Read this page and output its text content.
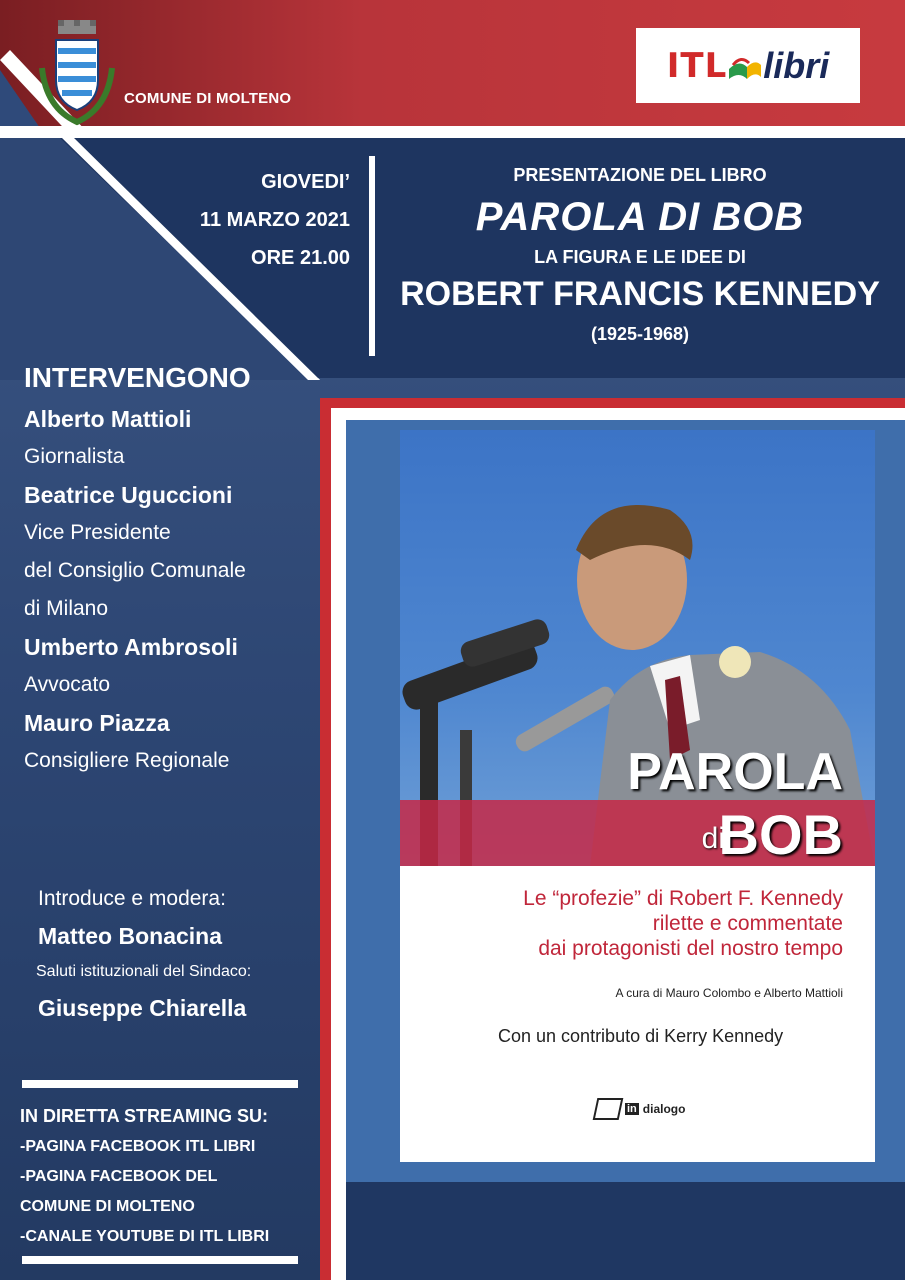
COMUNE DI MOLTENO
ITL libri
GIOVEDI’
11 MARZO 2021
ORE 21.00
PRESENTAZIONE DEL LIBRO
PAROLA DI BOB
LA FIGURA E LE IDEE DI
ROBERT FRANCIS KENNEDY
(1925-1968)
INTERVENGONO
Alberto Mattioli
Giornalista
Beatrice Uguccioni
Vice Presidente
del Consiglio Comunale
di Milano
Umberto Ambrosoli
Avvocato
Mauro Piazza
Consigliere Regionale
Introduce e modera:
Matteo Bonacina
Saluti istituzionali del Sindaco:
Giuseppe Chiarella
IN DIRETTA STREAMING SU:
-PAGINA FACEBOOK ITL LIBRI
-PAGINA FACEBOOK DEL
COMUNE DI MOLTENO
-CANALE YOUTUBE DI ITL LIBRI
PAROLA
di
BOB
Le “profezie” di Robert F. Kennedy
rilette e commentate
dai protagonisti del nostro tempo
A cura di Mauro Colombo e Alberto Mattioli
Con un contributo di Kerry Kennedy
in dialogo
